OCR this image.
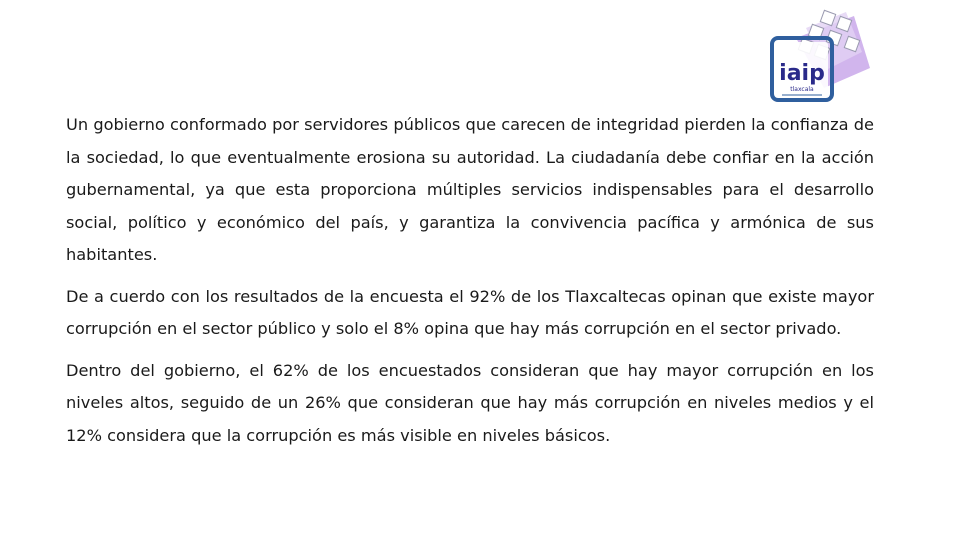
iaip
tlaxcala

Un gobierno conformado por servidores públicos que carecen de integridad pierden la confianza de la sociedad, lo que eventualmente erosiona su autoridad. La ciudadanía debe confiar en la acción gubernamental, ya que esta proporciona múltiples servicios indispensables para el desarrollo social, político y económico del país, y garantiza la convivencia pacífica y armónica de sus habitantes.

De a cuerdo con los resultados de la encuesta el 92% de los Tlaxcaltecas opinan que existe mayor corrupción en el sector público y solo el 8% opina que hay más corrupción en el sector privado.

Dentro del gobierno, el 62% de los encuestados consideran que hay mayor corrupción en los niveles altos, seguido de un 26% que consideran que hay más corrupción en niveles medios y el 12% considera que la corrupción es más visible en niveles básicos.
